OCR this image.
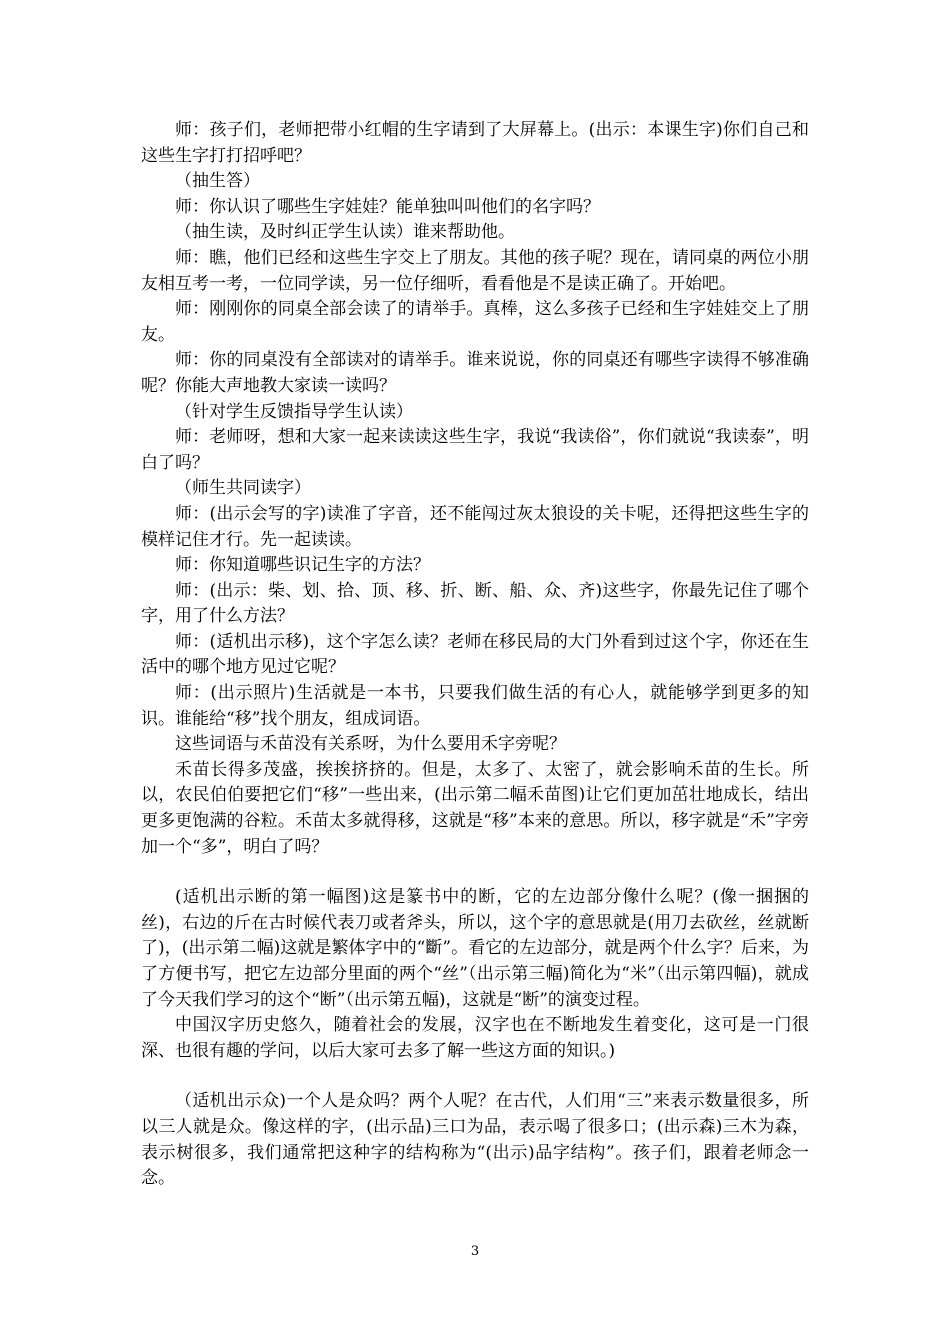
师：孩子们，老师把带小红帽的生字请到了大屏幕上。(出示：本课生字)你们自己和这些生字打打招呼吧？

（抽生答）

师：你认识了哪些生字娃娃？能单独叫叫他们的名字吗？

（抽生读，及时纠正学生认读）谁来帮助他。

师：瞧，他们已经和这些生字交上了朋友。其他的孩子呢？现在，请同桌的两位小朋友相互考一考，一位同学读，另一位仔细听，看看他是不是读正确了。开始吧。

师：刚刚你的同桌全部会读了的请举手。真棒，这么多孩子已经和生字娃娃交上了朋友。

师：你的同桌没有全部读对的请举手。谁来说说，你的同桌还有哪些字读得不够准确呢？你能大声地教大家读一读吗？

（针对学生反馈指导学生认读）

师：老师呀，想和大家一起来读读这些生字，我说“我读俗”，你们就说“我读泰”，明白了吗？

（师生共同读字）

师：(出示会写的字)读准了字音，还不能闯过灰太狼设的关卡呢，还得把这些生字的模样记住才行。先一起读读。

师：你知道哪些识记生字的方法？

师：(出示：柴、划、拾、顶、移、折、断、船、众、齐)这些字，你最先记住了哪个字，用了什么方法？

师：(适机出示移)，这个字怎么读？老师在移民局的大门外看到过这个字，你还在生活中的哪个地方见过它呢？

师：(出示照片)生活就是一本书，只要我们做生活的有心人，就能够学到更多的知识。谁能给“移”找个朋友，组成词语。

这些词语与禾苗没有关系呀，为什么要用禾字旁呢？

禾苗长得多茂盛，挨挨挤挤的。但是，太多了、太密了，就会影响禾苗的生长。所以，农民伯伯要把它们“移”一些出来，(出示第二幅禾苗图)让它们更加茁壮地成长，结出更多更饱满的谷粒。禾苗太多就得移，这就是“移”本来的意思。所以，移字就是“禾”字旁加一个“多”，明白了吗？

(适机出示断的第一幅图)这是篆书中的断，它的左边部分像什么呢？(像一捆捆的丝)，右边的斤在古时候代表刀或者斧头，所以，这个字的意思就是(用刀去砍丝，丝就断了)，(出示第二幅)这就是繁体字中的“斷”。看它的左边部分，就是两个什么字？后来，为了方便书写，把它左边部分里面的两个“丝”（出示第三幅)简化为“米”（出示第四幅)，就成了今天我们学习的这个“断”（出示第五幅)，这就是“断”的演变过程。

中国汉字历史悠久，随着社会的发展，汉字也在不断地发生着变化，这可是一门很深、也很有趣的学问，以后大家可去多了解一些这方面的知识。)

（适机出示众)一个人是众吗？两个人呢？在古代，人们用“三”来表示数量很多，所以三人就是众。像这样的字，(出示品)三口为品，表示喝了很多口；(出示森)三木为森，表示树很多，我们通常把这种字的结构称为“(出示)品字结构”。孩子们，跟着老师念一念。

3
